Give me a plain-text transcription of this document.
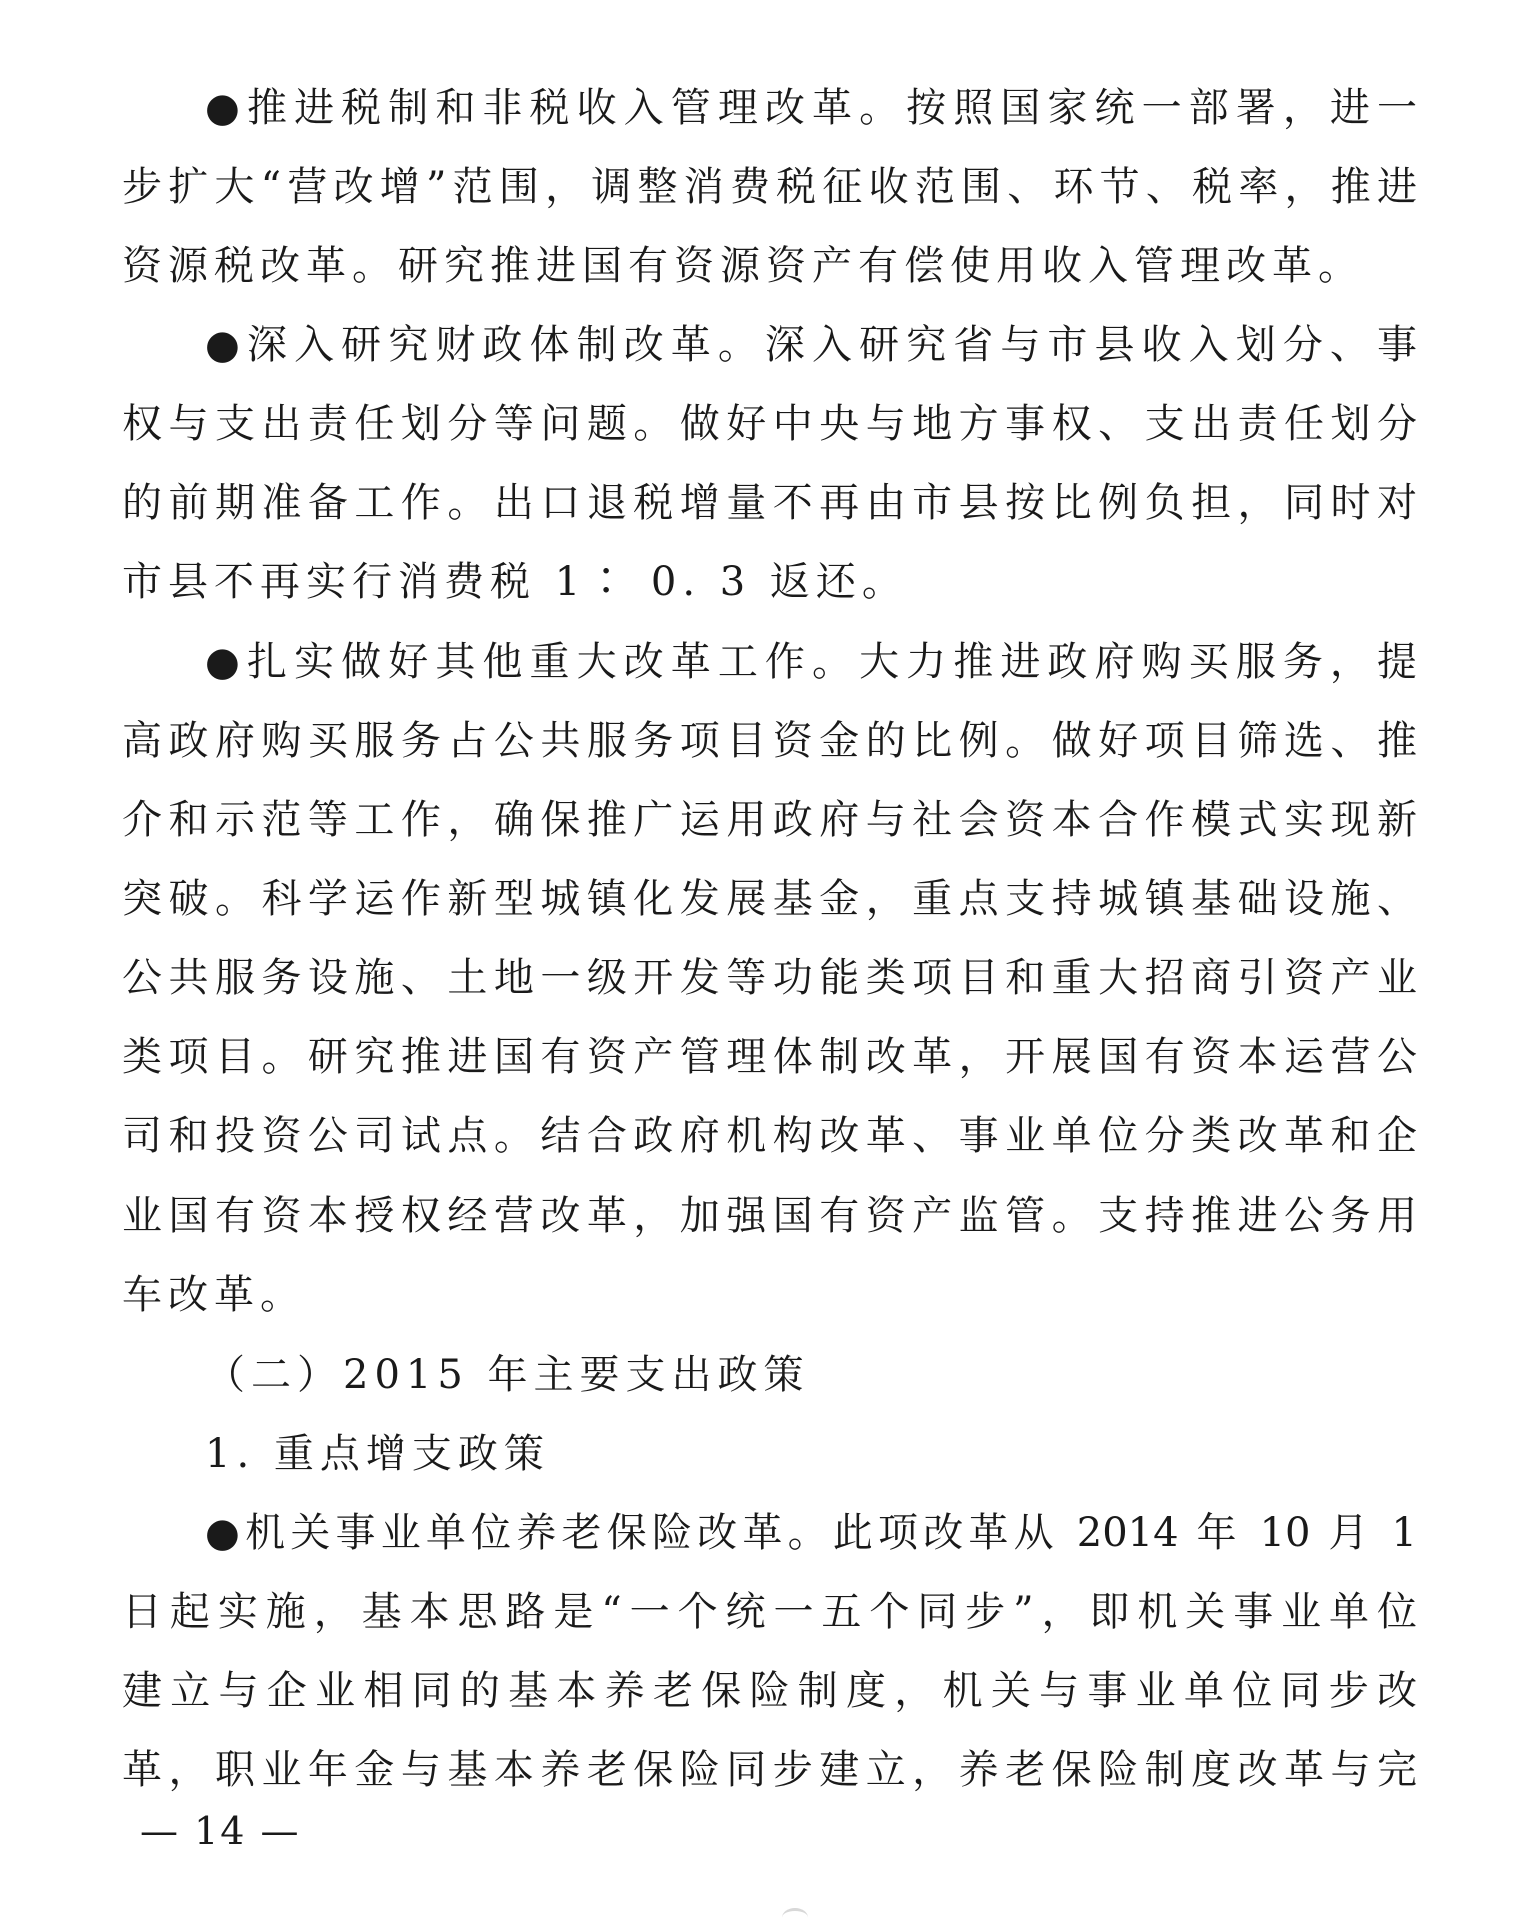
●推进税制和非税收入管理改革。按照国家统一部署，进一
步扩大“营改增”范围，调整消费税征收范围、环节、税率，推进
资源税改革。研究推进国有资源资产有偿使用收入管理改革。
●深入研究财政体制改革。深入研究省与市县收入划分、事
权与支出责任划分等问题。做好中央与地方事权、支出责任划分
的前期准备工作。出口退税增量不再由市县按比例负担，同时对
市县不再实行消费税 1∶ 0. 3 返还。
●扎实做好其他重大改革工作。大力推进政府购买服务，提
高政府购买服务占公共服务项目资金的比例。做好项目筛选、推
介和示范等工作，确保推广运用政府与社会资本合作模式实现新
突破。科学运作新型城镇化发展基金，重点支持城镇基础设施、
公共服务设施、土地一级开发等功能类项目和重大招商引资产业
类项目。研究推进国有资产管理体制改革，开展国有资本运营公
司和投资公司试点。结合政府机构改革、事业单位分类改革和企
业国有资本授权经营改革，加强国有资产监管。支持推进公务用
车改革。
（二）2015 年主要支出政策
1. 重点增支政策
●机关事业单位养老保险改革。此项改革从 2014 年 10 月 1
日起实施，基本思路是“一个统一五个同步”，即机关事业单位
建立与企业相同的基本养老保险制度，机关与事业单位同步改
革，职业年金与基本养老保险同步建立，养老保险制度改革与完
— 14 —
